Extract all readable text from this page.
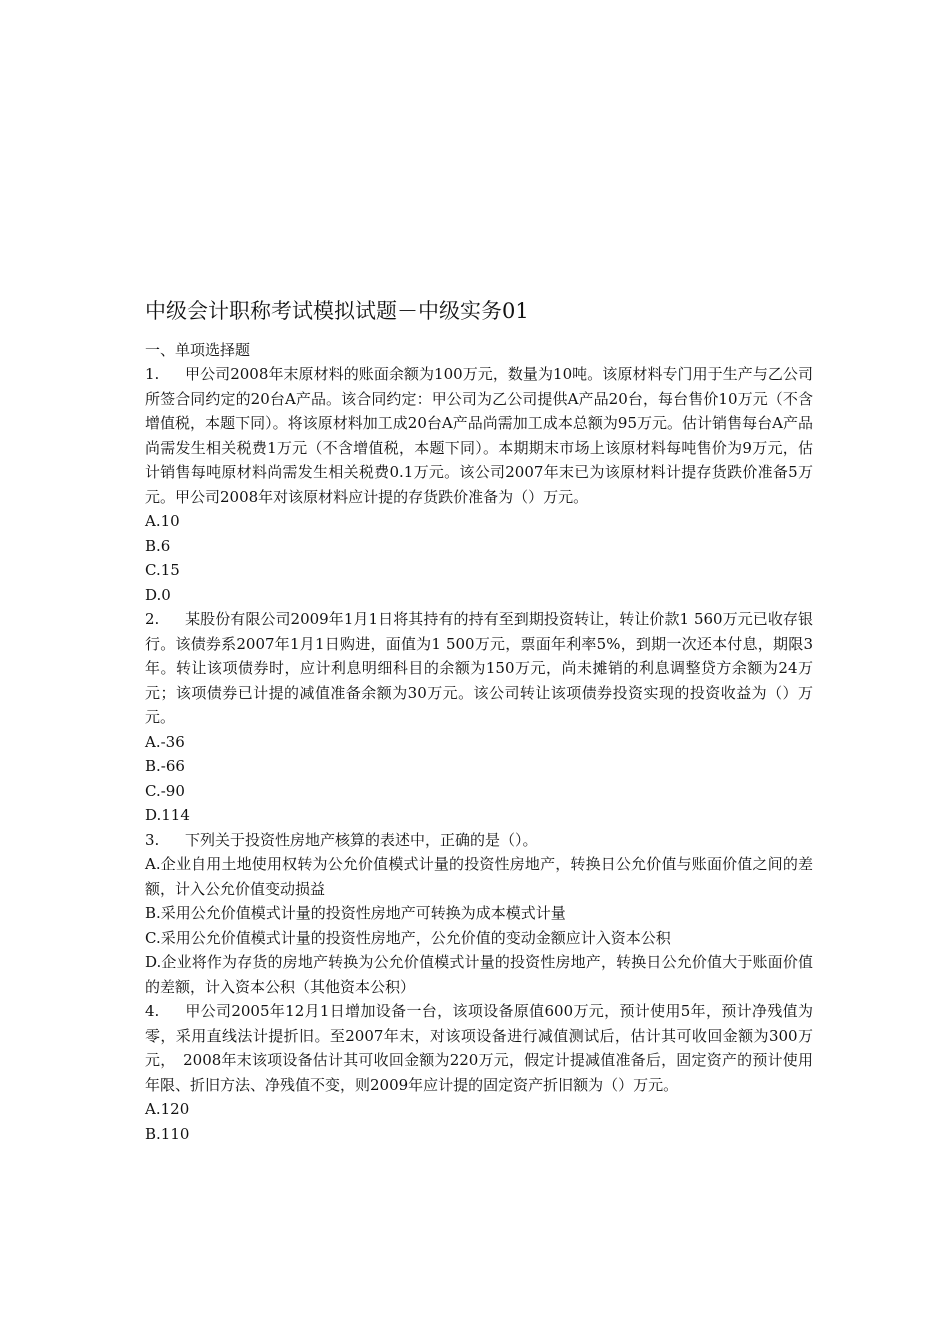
中级会计职称考试模拟试题－中级实务01

一、单项选择题

1. 甲公司2008年末原材料的账面余额为100万元，数量为10吨。该原材料专门用于生产与乙公司所签合同约定的20台A产品。该合同约定：甲公司为乙公司提供A产品20台，每台售价10万元（不含增值税，本题下同）。将该原材料加工成20台A产品尚需加工成本总额为95万元。估计销售每台A产品尚需发生相关税费1万元（不含增值税，本题下同）。本期期末市场上该原材料每吨售价为9万元，估计销售每吨原材料尚需发生相关税费0.1万元。该公司2007年末已为该原材料计提存货跌价准备5万元。甲公司2008年对该原材料应计提的存货跌价准备为（）万元。

A.10

B.6

C.15

D.0

2. 某股份有限公司2009年1月1日将其持有的持有至到期投资转让，转让价款1 560万元已收存银行。该债券系2007年1月1日购进，面值为1 500万元，票面年利率5%，到期一次还本付息，期限3年。转让该项债券时，应计利息明细科目的余额为150万元，尚未摊销的利息调整贷方余额为24万元；该项债券已计提的减值准备余额为30万元。该公司转让该项债券投资实现的投资收益为（）万元。

A.-36

B.-66

C.-90

D.114

3. 下列关于投资性房地产核算的表述中，正确的是（）。

A.企业自用土地使用权转为公允价值模式计量的投资性房地产，转换日公允价值与账面价值之间的差额，计入公允价值变动损益

B.采用公允价值模式计量的投资性房地产可转换为成本模式计量

C.采用公允价值模式计量的投资性房地产，公允价值的变动金额应计入资本公积

D.企业将作为存货的房地产转换为公允价值模式计量的投资性房地产，转换日公允价值大于账面价值的差额，计入资本公积（其他资本公积）

4. 甲公司2005年12月1日增加设备一台，该项设备原值600万元，预计使用5年，预计净残值为零，采用直线法计提折旧。至2007年末，对该项设备进行减值测试后，估计其可收回金额为300万元，　2008年末该项设备估计其可收回金额为220万元，假定计提减值准备后，固定资产的预计使用年限、折旧方法、净残值不变，则2009年应计提的固定资产折旧额为（）万元。

A.120

B.110
